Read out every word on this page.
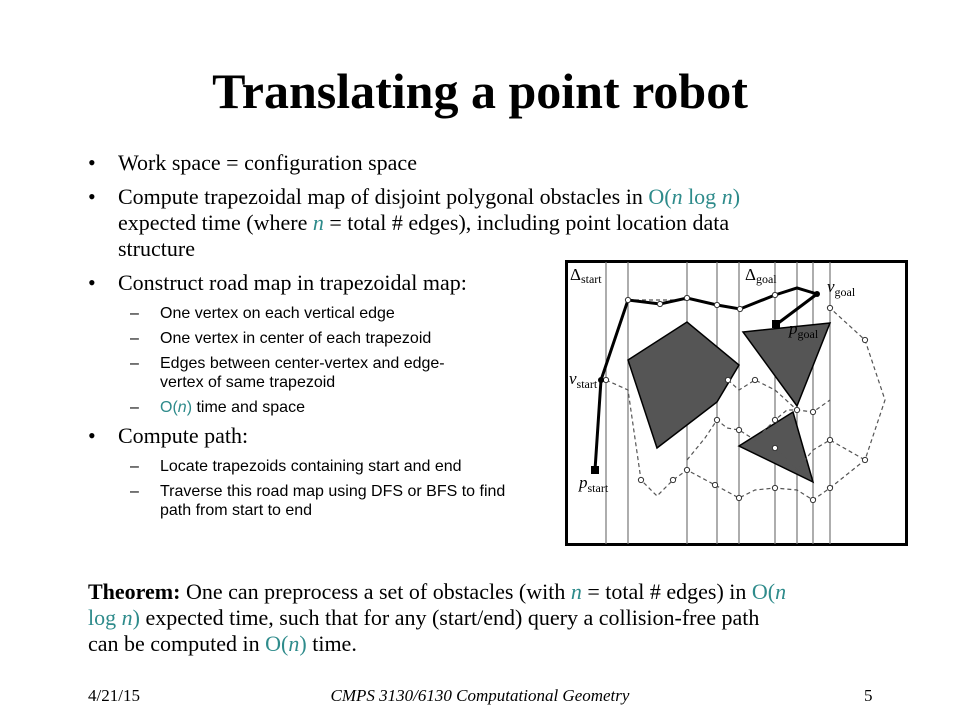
Translating a point robot
• Work space = configuration space
• Compute trapezoidal map of disjoint polygonal obstacles in O(n log n) expected time (where n = total # edges), including point location data structure
• Construct road map in trapezoidal map:
– One vertex on each vertical edge
– One vertex in center of each trapezoid
– Edges between center-vertex and edge-vertex of same trapezoid
– O(n) time and space
• Compute path:
– Locate trapezoids containing start and end
– Traverse this road map using DFS or BFS to find path from start to end
Δstart	Δgoal	$v_{goal}$
$p_{goal}$
$v_{start}$
$p_{start}$
Theorem: One can preprocess a set of obstacles (with n = total # edges) in O(n log n) expected time, such that for any (start/end) query a collision-free path can be computed in O(n) time.
4/21/15	CMPS 3130/6130 Computational Geometry	5
